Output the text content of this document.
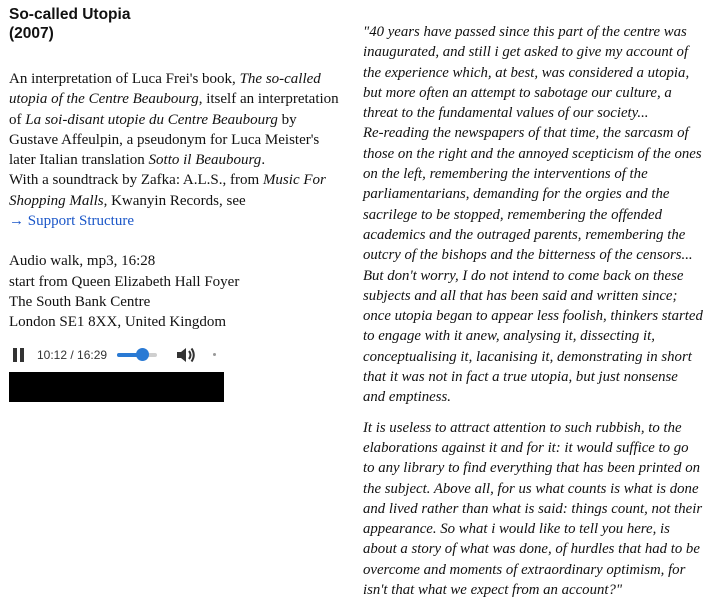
So-called Utopia
(2007)
An interpretation of Luca Frei's book, The so-called utopia of the Centre Beaubourg, itself an interpretation of La soi-disant utopie du Centre Beaubourg by Gustave Affeulpin, a pseudonym for Luca Meister's later Italian translation Sotto il Beaubourg.
With a soundtrack by Zafka: A.L.S., from Music For Shopping Malls, Kwanyin Records, see
→ Support Structure
Audio walk, mp3, 16:28
start from Queen Elizabeth Hall Foyer
The South Bank Centre
London SE1 8XX, United Kingdom
10:12 / 16:29

"40 years have passed since this part of the centre was inaugurated, and still i get asked to give my account of the experience which, at best, was considered a utopia, but more often an attempt to sabotage our culture, a threat to the fundamental values of our society...
Re-reading the newspapers of that time, the sarcasm of those on the right and the annoyed scepticism of the ones on the left, remembering the interventions of the parliamentarians, demanding for the orgies and the sacrilege to be stopped, remembering the offended academics and the outraged parents, remembering the outcry of the bishops and the bitterness of the censors...
But don't worry, I do not intend to come back on these subjects and all that has been said and written since; once utopia began to appear less foolish, thinkers started to engage with it anew, analysing it, dissecting it, conceptualising it, lacanising it, demonstrating in short that it was not in fact a true utopia, but just nonsense and emptiness.

It is useless to attract attention to such rubbish, to the elaborations against it and for it: it would suffice to go to any library to find everything that has been printed on the subject. Above all, for us what counts is what is done and lived rather than what is said: things count, not their appearance. So what i would like to tell you here, is about a story of what was done, of hurdles that had to be overcome and moments of extraordinary optimism, for isn't that what we expect from an account?"
